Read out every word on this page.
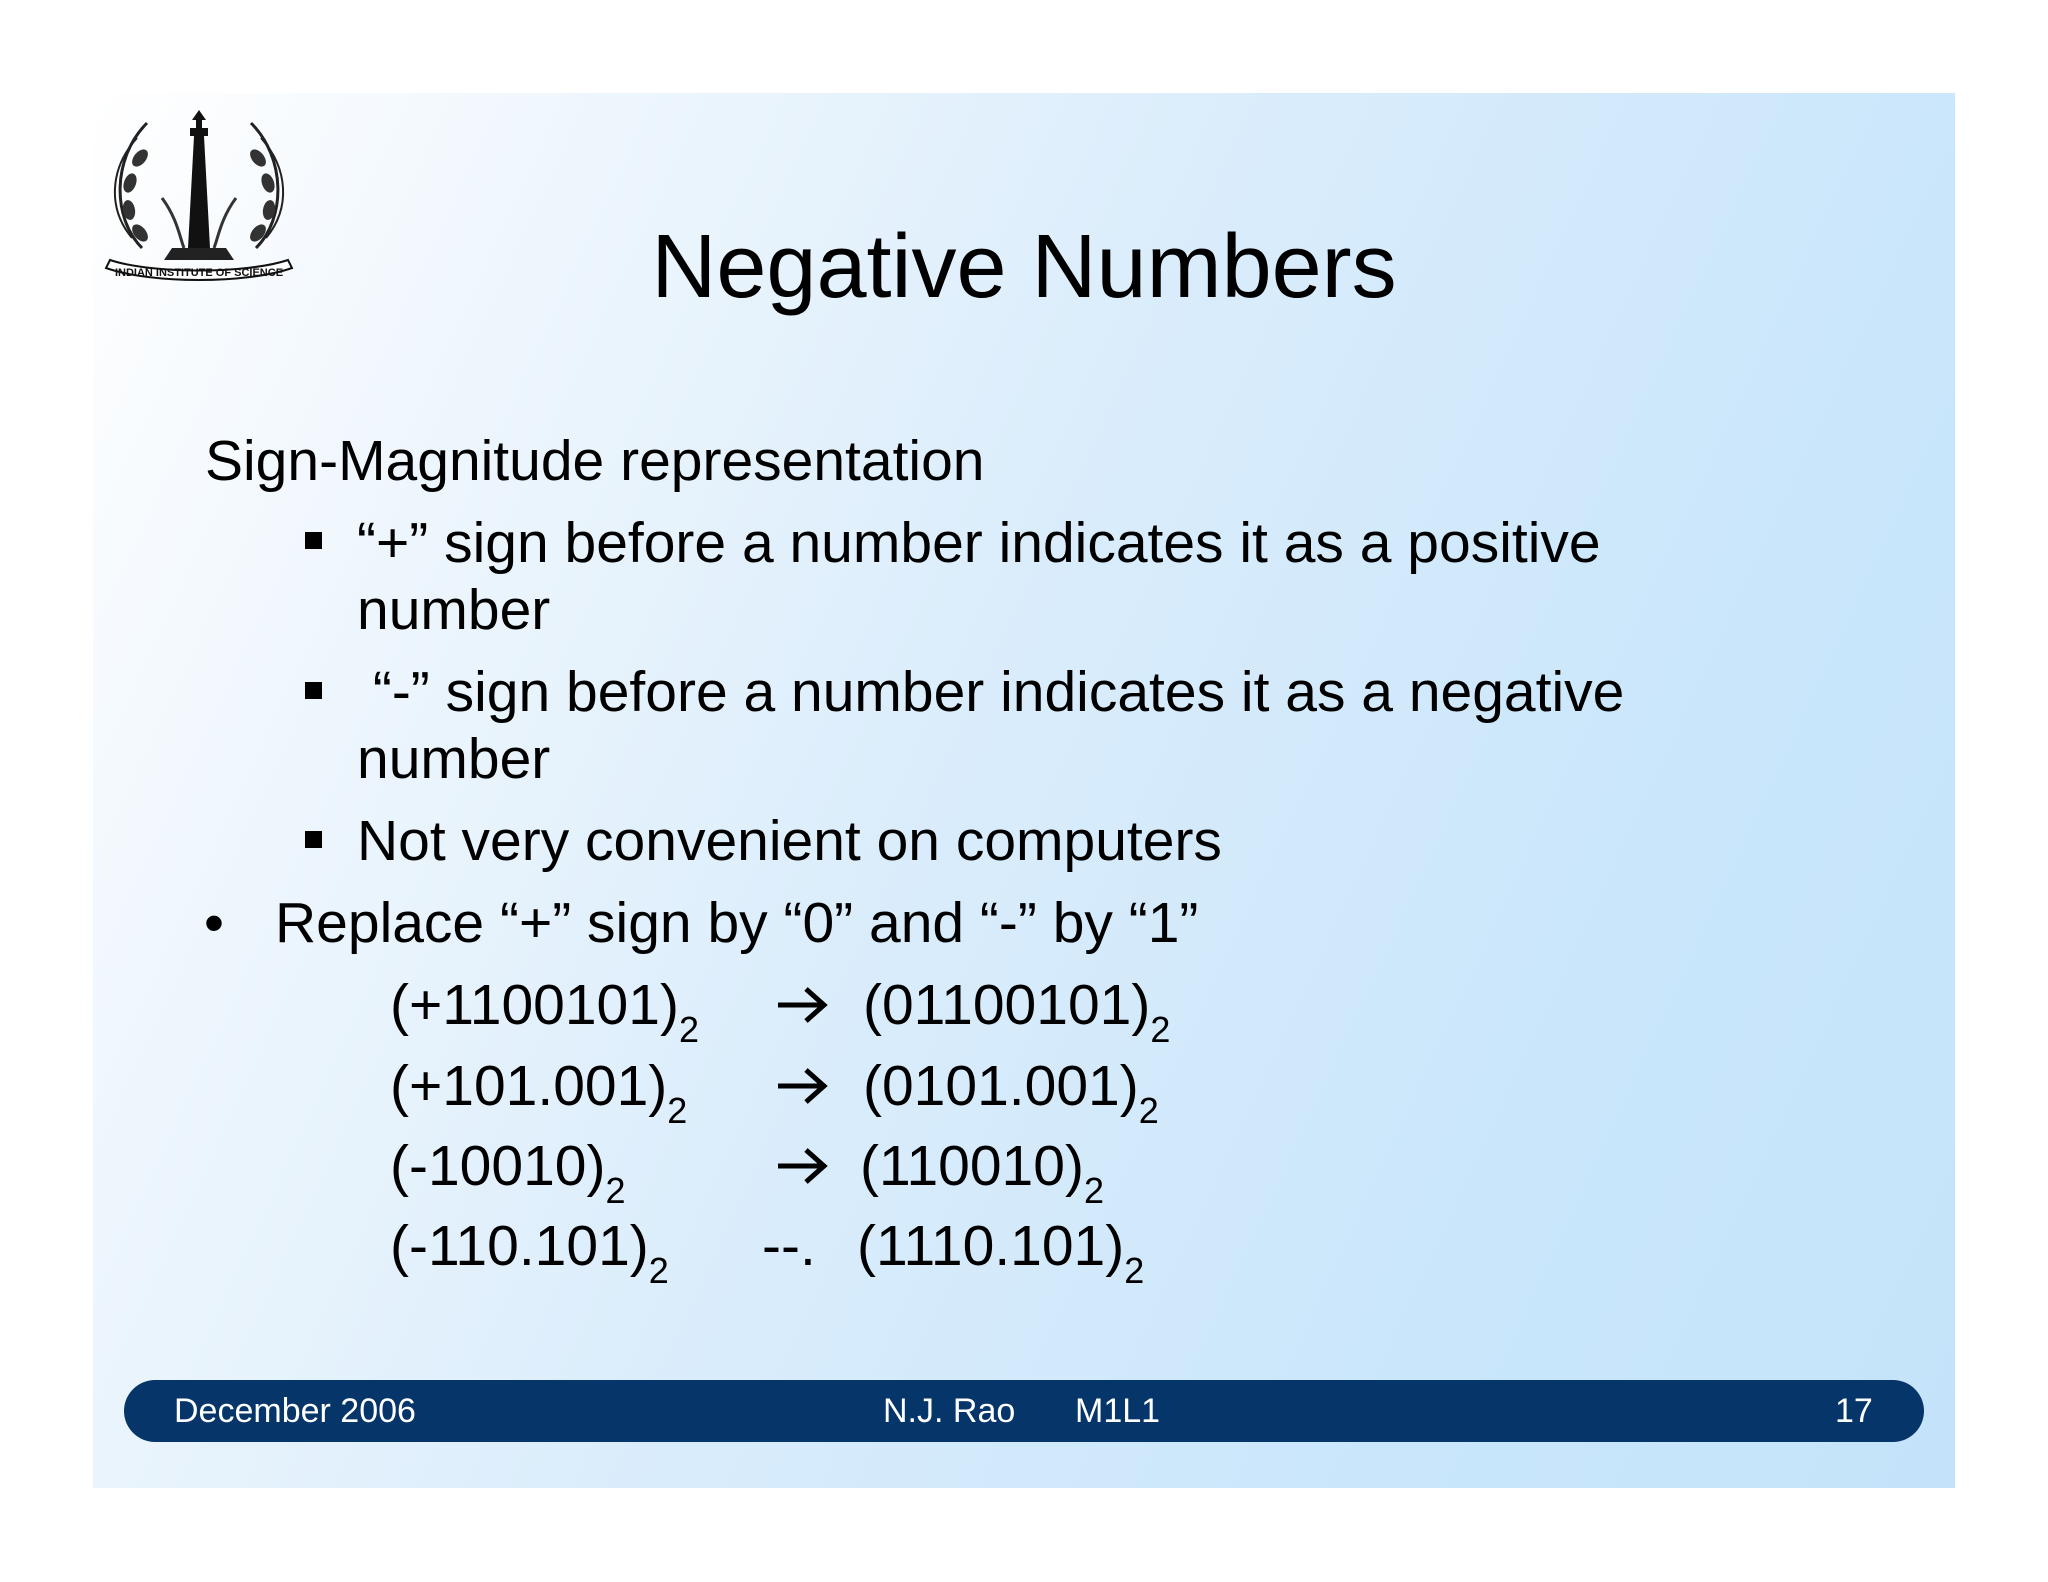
INDIAN INSTITUTE OF SCIENCE	Negative Numbers
Sign-Magnitude representation
“+” sign before a number indicates it as a positive
number
“-” sign before a number indicates it as a negative
number
Not very convenient on computers
• Replace “+” sign by “0” and “-” by “1”
$(+1100101)_2$	$(01100101)_2$
$(+101.001)_2$	$(0101.001)_2$
$(-10010)_2$	$(110010)_2$
$(-110.101)_2$ --. $(1110.101)_2$
December 2006	N.J. Rao M1L1	17
